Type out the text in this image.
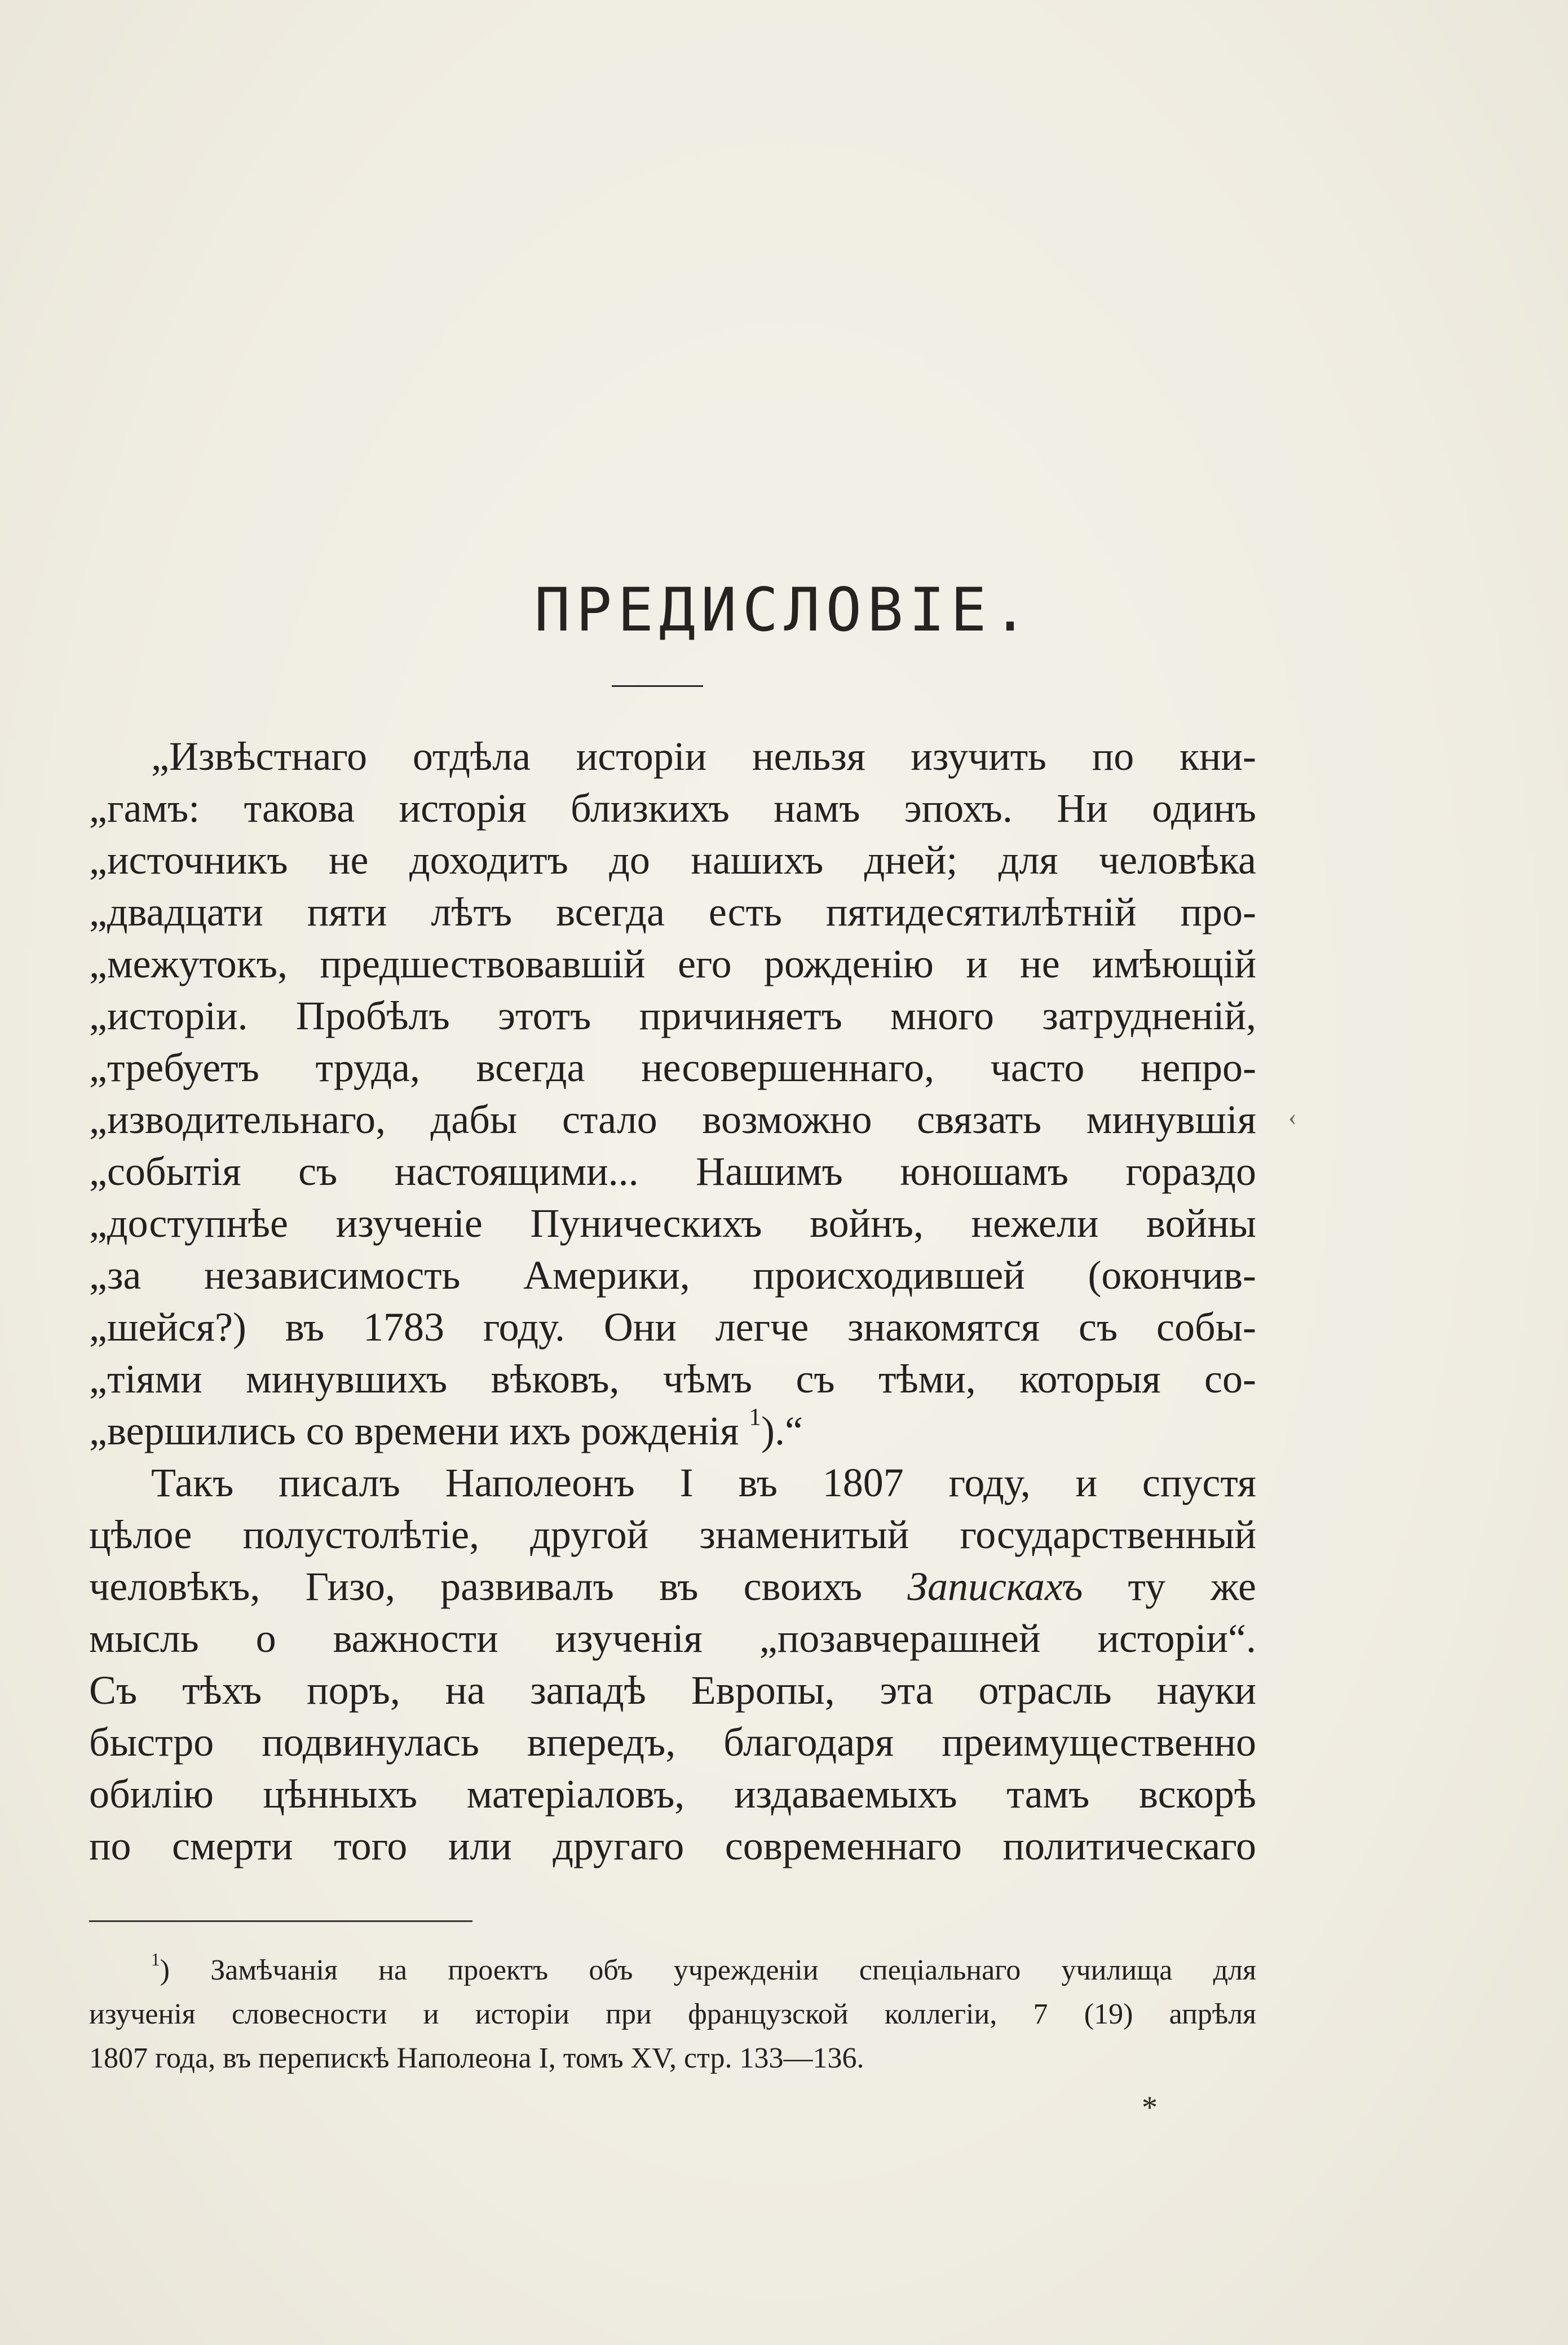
ПРЕДИСЛОВІЕ.
„Извѣстнаго отдѣла исторіи нельзя изучить по кни-
„гамъ: такова исторія близкихъ намъ эпохъ. Ни одинъ
„источникъ не доходитъ до нашихъ дней; для человѣка
„двадцати пяти лѣтъ всегда есть пятидесятилѣтній про-
„межутокъ, предшествовавшій его рожденію и не имѣющій
„исторіи. Пробѣлъ этотъ причиняетъ много затрудненій,
„требуетъ труда, всегда несовершеннаго, часто непро-
„изводительнаго, дабы стало возможно связать минувшія
„событія съ настоящими... Нашимъ юношамъ гораздо
„доступнѣе изученіе Пуническихъ войнъ, нежели войны
„за независимость Америки, происходившей (окончив-
„шейся?) въ 1783 году. Они легче знакомятся съ собы-
„тіями минувшихъ вѣковъ, чѣмъ съ тѣми, которыя со-
„вершились со времени ихъ рожденія $^1$).“
Такъ писалъ Наполеонъ I въ 1807 году, и спустя
цѣлое полустолѣтіе, другой знаменитый государственный
человѣкъ, Гизо, развивалъ въ своихъ Запискахъ ту же
мысль о важности изученія „позавчерашней исторіи“.
Съ тѣхъ поръ, на западѣ Европы, эта отрасль науки
быстро подвинулась впередъ, благодаря преимущественно
обилію цѣнныхъ матеріаловъ, издаваемыхъ тамъ вскорѣ
по смерти того или другаго современнаго политическаго
‹
$^1$) Замѣчанія на проектъ объ учрежденіи спеціальнаго училища для
изученія словесности и исторіи при французской коллегіи, 7 (19) апрѣля
1807 года, въ перепискѣ Наполеона I, томъ XV, стр. 133—136.
*
